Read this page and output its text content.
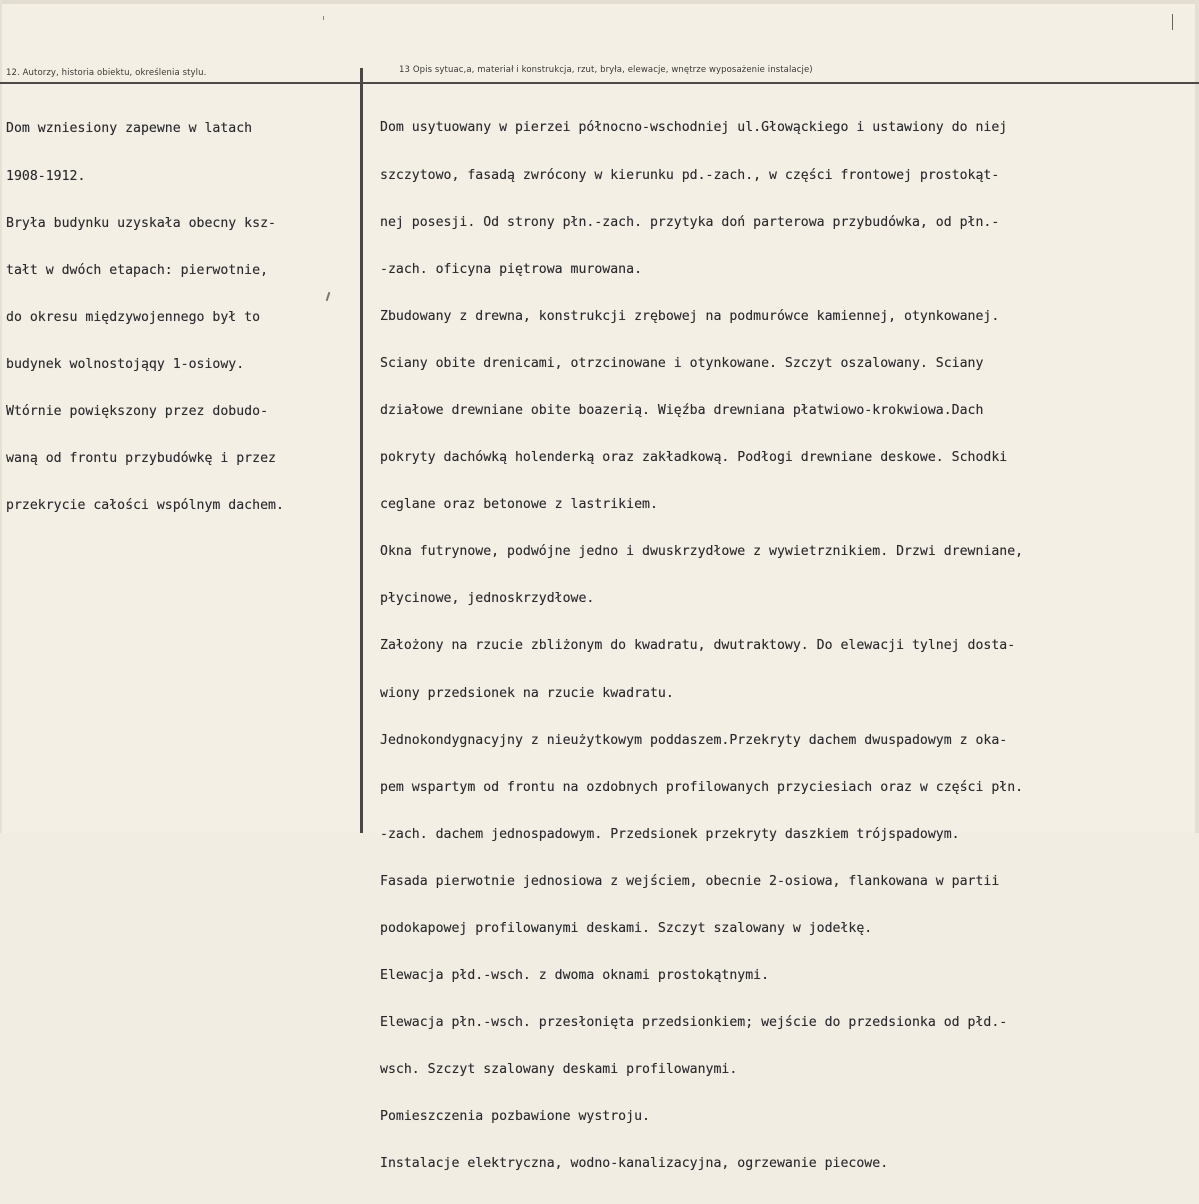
12. Autorzy, historia obiektu, określenia stylu.	13 Opis sytuac,a, materiał i konstrukcja, rzut, bryła, elewacje, wnętrze wyposażenie instalacje)

Dom wzniesiony zapewne w latach

1908-1912.

Bryła budynku uzyskała obecny ksz-

tałt w dwóch etapach: pierwotnie,

do okresu międzywojennego był to

budynek wolnostojąqy 1-osiowy.

Wtórnie powiększony przez dobudo-

waną od frontu przybudówkę i przez

przekrycie całości wspólnym dachem.

Dom usytuowany w pierzei północno-wschodniej ul.Głowąckiego i ustawiony do niej

szczytowo, fasadą zwrócony w kierunku pd.-zach., w części frontowej prostokąt-

nej posesji. Od strony płn.-zach. przytyka doń parterowa przybudówka, od płn.-

-zach. oficyna piętrowa murowana.

Zbudowany z drewna, konstrukcji zrębowej na podmurówce kamiennej, otynkowanej.

Sciany obite drenicami, otrzcinowane i otynkowane. Szczyt oszalowany. Sciany

działowe drewniane obite boazerią. Więźba drewniana płatwiowo-krokwiowa.Dach

pokryty dachówką holenderką oraz zakładkową. Podłogi drewniane deskowe. Schodki

ceglane oraz betonowe z lastrikiem.

Okna futrynowe, podwójne jedno i dwuskrzydłowe z wywietrznikiem. Drzwi drewniane,

płycinowe, jednoskrzydłowe.

Założony na rzucie zbliżonym do kwadratu, dwutraktowy. Do elewacji tylnej dosta-

wiony przedsionek na rzucie kwadratu.

Jednokondygnacyjny z nieużytkowym poddaszem.Przekryty dachem dwuspadowym z oka-

pem wspartym od frontu na ozdobnych profilowanych przyciesiach oraz w części płn.

-zach. dachem jednospadowym. Przedsionek przekryty daszkiem trójspadowym.

Fasada pierwotnie jednosiowa z wejściem, obecnie 2-osiowa, flankowana w partii

podokapowej profilowanymi deskami. Szczyt szalowany w jodełkę.

Elewacja płd.-wsch. z dwoma oknami prostokątnymi.

Elewacja płn.-wsch. przesłonięta przedsionkiem; wejście do przedsionka od płd.-

wsch. Szczyt szalowany deskami profilowanymi.

Pomieszczenia pozbawione wystroju.

Instalacje elektryczna, wodno-kanalizacyjna, ogrzewanie piecowe.
